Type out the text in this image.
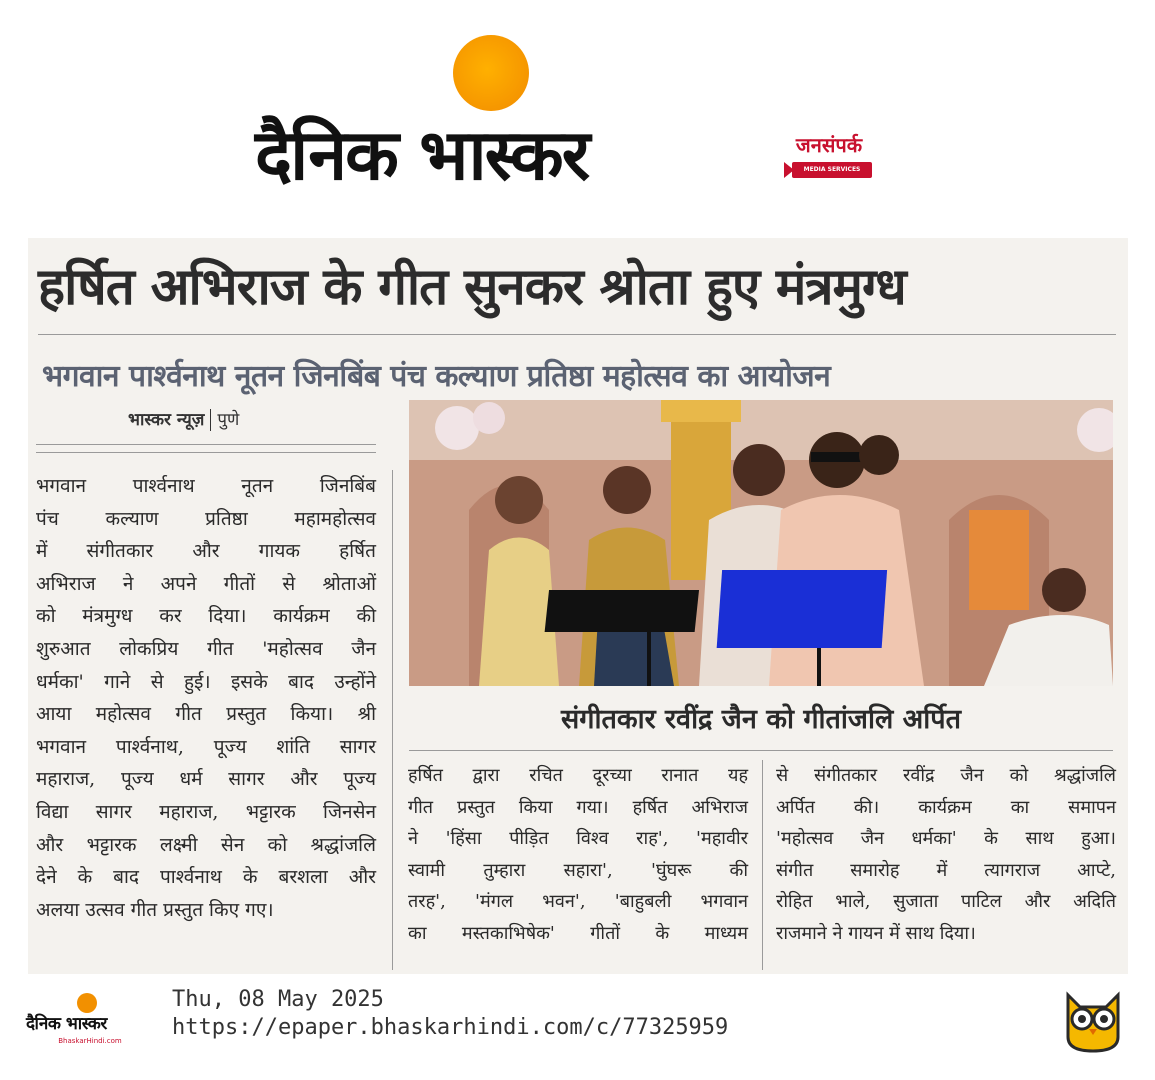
दैनिक भास्कर	जनसंपर्क
MEDIA SERVICES
हर्षित अभिराज के गीत सुनकर श्रोता हुए मंत्रमुग्ध
भगवान पार्श्वनाथ नूतन जिनबिंब पंच कल्याण प्रतिष्ठा महोत्सव का आयोजन
भास्कर न्यूज़ पुणे

भगवान पार्श्वनाथ नूतन जिनबिंब

पंच कल्याण प्रतिष्ठा महामहोत्सव

में संगीतकार और गायक हर्षित

अभिराज ने अपने गीतों से श्रोताओं

को मंत्रमुग्ध कर दिया। कार्यक्रम की

शुरुआत लोकप्रिय गीत 'महोत्सव जैन

धर्मका' गाने से हुई। इसके बाद उन्होंने

आया महोत्सव गीत प्रस्तुत किया। श्री

भगवान पार्श्वनाथ, पूज्य शांति सागर

महाराज, पूज्य धर्म सागर और पूज्य

विद्या सागर महाराज, भट्टारक जिनसेन

और भट्टारक लक्ष्मी सेन को श्रद्धांजलि

देने के बाद पार्श्वनाथ के बरशला और

अलया उत्सव गीत प्रस्तुत किए गए।

संगीतकार रवींद्र जैन को गीतांजलि अर्पित

हर्षित द्वारा रचित दूरच्या रानात यह

गीत प्रस्तुत किया गया। हर्षित अभिराज

ने 'हिंसा पीड़ित विश्व राह', 'महावीर

स्वामी तुम्हारा सहारा', 'घुंघरू की

तरह', 'मंगल भवन', 'बाहुबली भगवान

का मस्तकाभिषेक' गीतों के माध्यम

से संगीतकार रवींद्र जैन को श्रद्धांजलि

अर्पित की। कार्यक्रम का समापन

'महोत्सव जैन धर्मका' के साथ हुआ।

संगीत समारोह में त्यागराज आप्टे,

रोहित भाले, सुजाता पाटिल और अदिति

राजमाने ने गायन में साथ दिया।

दैनिक भास्कर
BhaskarHindi.com
Thu, 08 May 2025
https://epaper.bhaskarhindi.com/c/77325959
